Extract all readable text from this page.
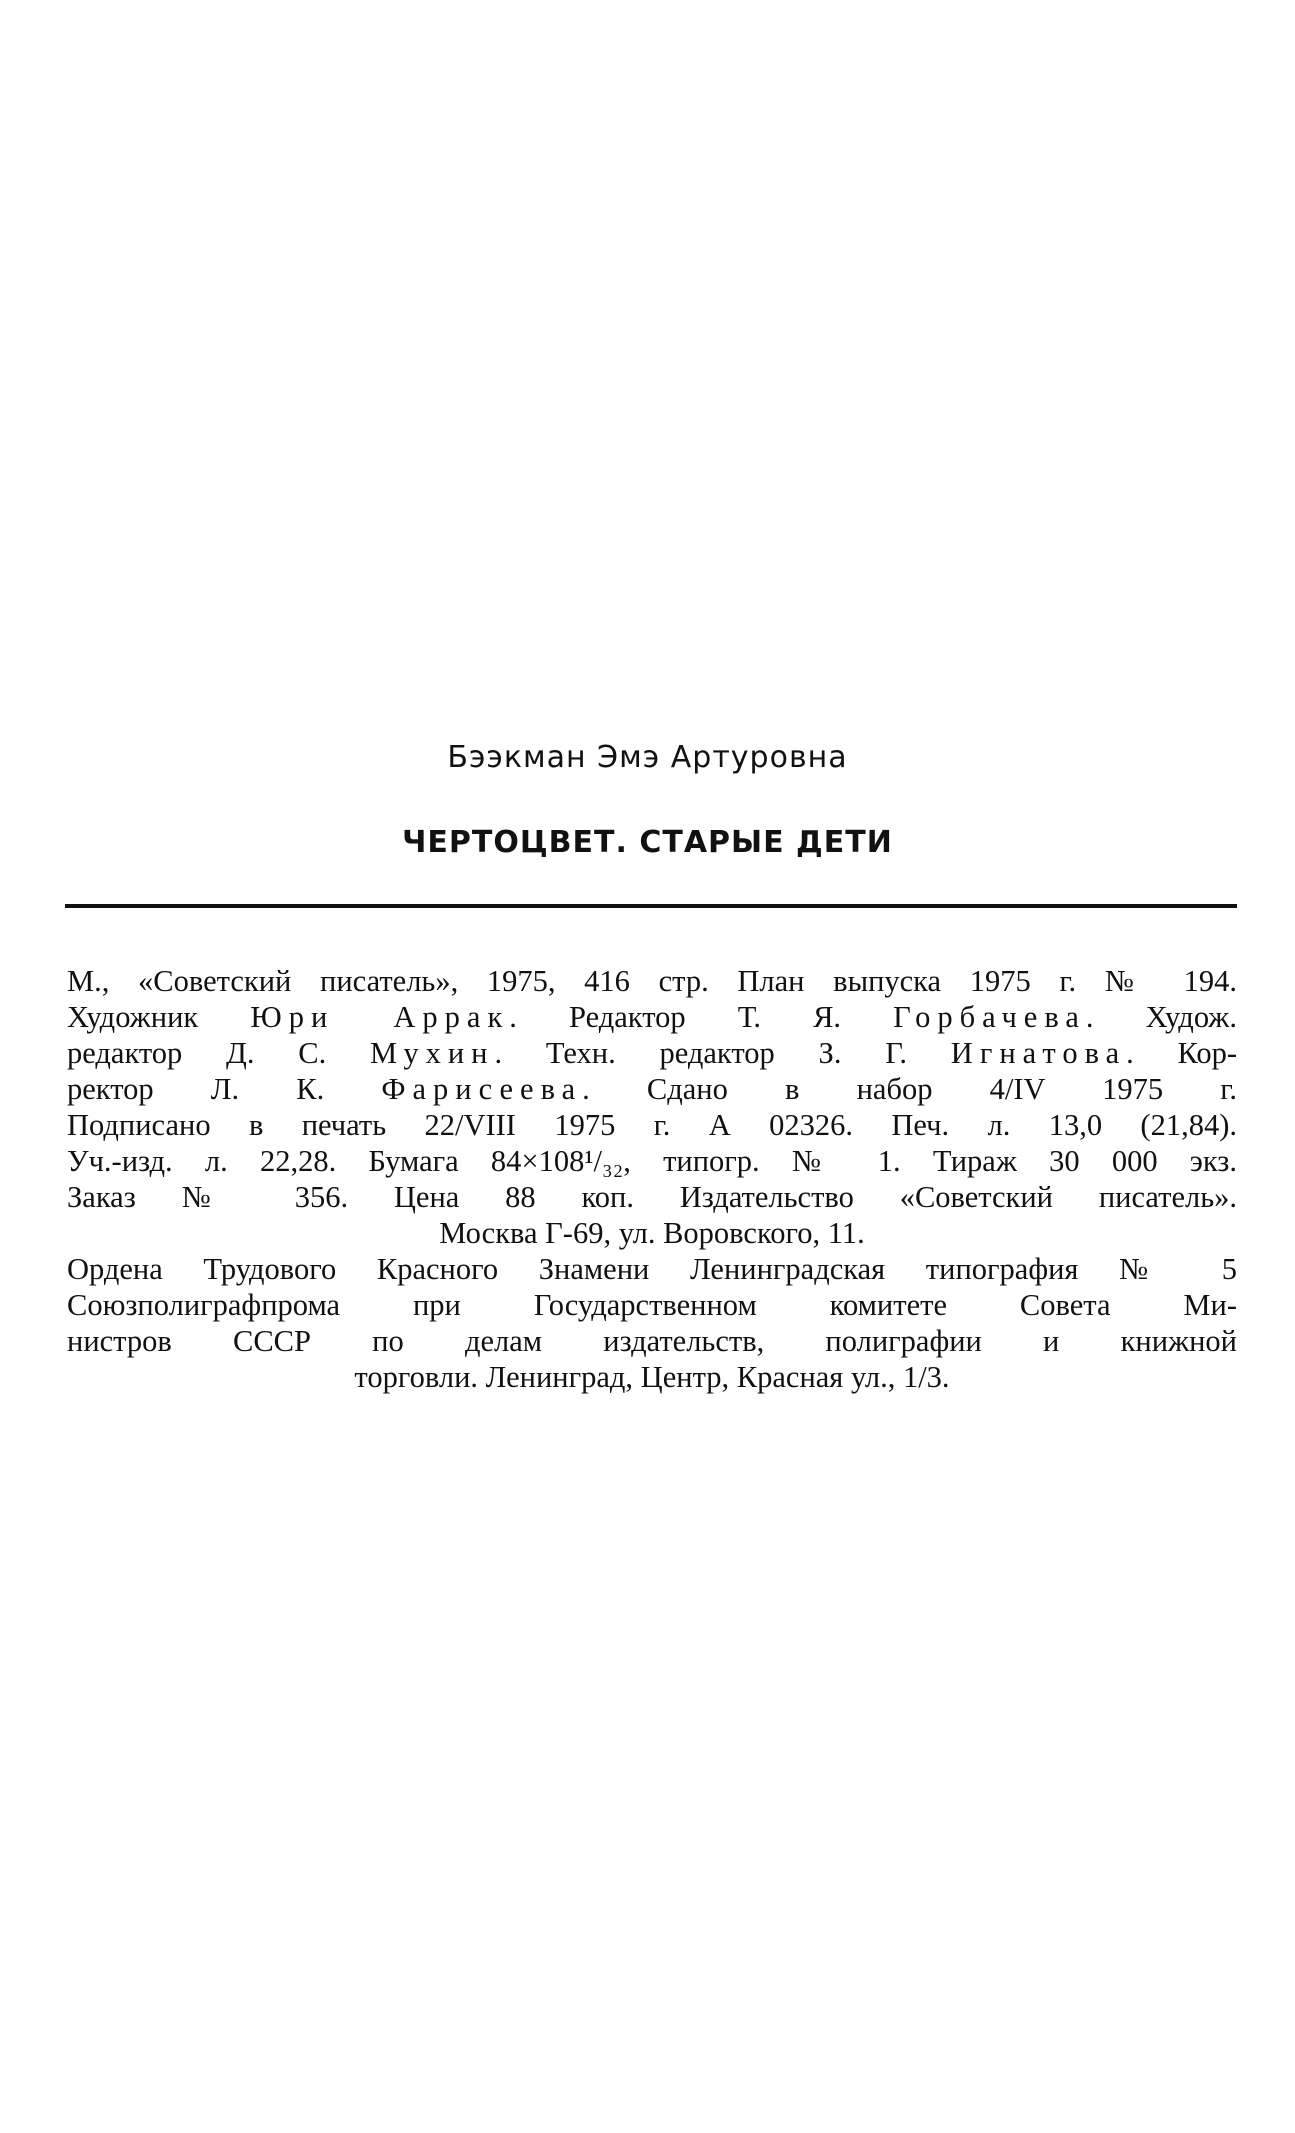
Бээкман Эмэ Артуровна
ЧЕРТОЦВЕТ. СТАРЫЕ ДЕТИ
М., «Советский писатель», 1975, 416 стр. План выпуска 1975 г. № 194.
Художник Юри Аррак. Редактор Т. Я. Горбачева. Худож.
редактор Д. С. Мухин. Техн. редактор З. Г. Игнатова. Кор-
ректор Л. К. Фарисеева. Сдано в набор 4/IV 1975 г.
Подписано в печать 22/VIII 1975 г. А 02326. Печ. л. 13,0 (21,84).
Уч.-изд. л. 22,28. Бумага 84×108¹/₃₂, типогр. № 1. Тираж 30 000 экз.
Заказ № 356. Цена 88 коп. Издательство «Советский писатель».
Москва Г-69, ул. Воровского, 11.
Ордена Трудового Красного Знамени Ленинградская типография № 5
Союзполиграфпрома при Государственном комитете Совета Ми-
нистров СССР по делам издательств, полиграфии и книжной
торговли. Ленинград, Центр, Красная ул., 1/3.
